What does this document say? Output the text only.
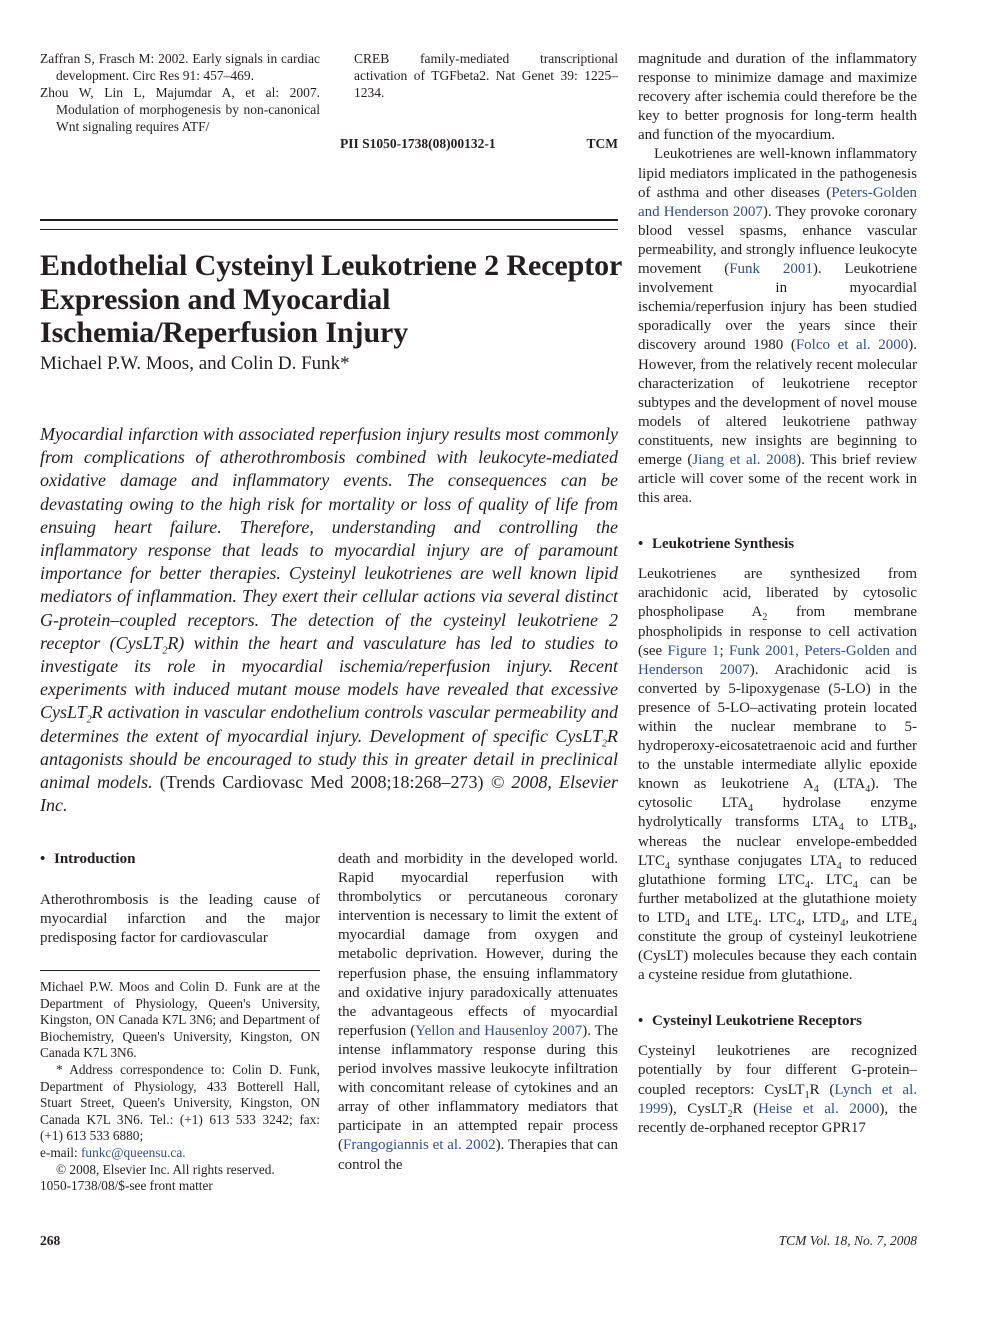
Zaffran S, Frasch M: 2002. Early signals in cardiac development. Circ Res 91: 457–469.
Zhou W, Lin L, Majumdar A, et al: 2007. Modulation of morphogenesis by non-canonical Wnt signaling requires ATF/
CREB family-mediated transcriptional activation of TGFbeta2. Nat Genet 39: 1225–1234.
PII S1050-1738(08)00132-1	TCM
Endothelial Cysteinyl Leukotriene 2 Receptor Expression and Myocardial Ischemia/Reperfusion Injury
Michael P.W. Moos, and Colin D. Funk*
Myocardial infarction with associated reperfusion injury results most commonly from complications of atherothrombosis combined with leukocyte-mediated oxidative damage and inflammatory events. The consequences can be devastating owing to the high risk for mortality or loss of quality of life from ensuing heart failure. Therefore, understanding and controlling the inflammatory response that leads to myocardial injury are of paramount importance for better therapies. Cysteinyl leukotrienes are well known lipid mediators of inflammation. They exert their cellular actions via several distinct G-protein–coupled receptors. The detection of the cysteinyl leukotriene 2 receptor (CysLT$_2$R) within the heart and vasculature has led to studies to investigate its role in myocardial ischemia/reperfusion injury. Recent experiments with induced mutant mouse models have revealed that excessive CysLT$_2$R activation in vascular endothelium controls vascular permeability and determines the extent of myocardial injury. Development of specific CysLT$_2$R antagonists should be encouraged to study this in greater detail in preclinical animal models. (Trends Cardiovasc Med 2008;18:268–273) © 2008, Elsevier Inc.
• Introduction
Atherothrombosis is the leading cause of myocardial infarction and the major predisposing factor for cardiovascular
Michael P.W. Moos and Colin D. Funk are at the Department of Physiology, Queen's University, Kingston, ON Canada K7L 3N6; and Department of Biochemistry, Queen's University, Kingston, ON Canada K7L 3N6.
* Address correspondence to: Colin D. Funk, Department of Physiology, 433 Botterell Hall, Stuart Street, Queen's University, Kingston, ON Canada K7L 3N6. Tel.: (+1) 613 533 3242; fax: (+1) 613 533 6880;
e-mail: funkc@queensu.ca.
© 2008, Elsevier Inc. All rights reserved.
1050-1738/08/$-see front matter
death and morbidity in the developed world. Rapid myocardial reperfusion with thrombolytics or percutaneous coronary intervention is necessary to limit the extent of myocardial damage from oxygen and metabolic deprivation. However, during the reperfusion phase, the ensuing inflammatory and oxidative injury paradoxically attenuates the advantageous effects of myocardial reperfusion (Yellon and Hausenloy 2007). The intense inflammatory response during this period involves massive leukocyte infiltration with concomitant release of cytokines and an array of other inflammatory mediators that participate in an attempted repair process (Frangogiannis et al. 2002). Therapies that can control the
magnitude and duration of the inflammatory response to minimize damage and maximize recovery after ischemia could therefore be the key to better prognosis for long-term health and function of the myocardium.
Leukotrienes are well-known inflammatory lipid mediators implicated in the pathogenesis of asthma and other diseases (Peters-Golden and Henderson 2007). They provoke coronary blood vessel spasms, enhance vascular permeability, and strongly influence leukocyte movement (Funk 2001). Leukotriene involvement in myocardial ischemia/reperfusion injury has been studied sporadically over the years since their discovery around 1980 (Folco et al. 2000). However, from the relatively recent molecular characterization of leukotriene receptor subtypes and the development of novel mouse models of altered leukotriene pathway constituents, new insights are beginning to emerge (Jiang et al. 2008). This brief review article will cover some of the recent work in this area.
• Leukotriene Synthesis
Leukotrienes are synthesized from arachidonic acid, liberated by cytosolic phospholipase $A_2$ from membrane phospholipids in response to cell activation (see Figure 1; Funk 2001, Peters-Golden and Henderson 2007). Arachidonic acid is converted by 5-lipoxygenase (5-LO) in the presence of 5-LO–activating protein located within the nuclear membrane to 5-hydroperoxy-eicosatetraenoic acid and further to the unstable intermediate allylic epoxide known as leukotriene $A_4$ $(LTA_4)$. The cytosolic $LTA_4$ hydrolase enzyme hydrolytically transforms $LTA_4$ to $LTB_4$, whereas the nuclear envelope-embedded $LTC_4$ synthase conjugates $LTA_4$ to reduced glutathione forming $LTC_4$. $LTC_4$ can be further metabolized at the glutathione moiety to $LTD_4$ and $LTE_4$. $LTC_4$, $LTD_4$, and $LTE_4$ constitute the group of cysteinyl leukotriene (CysLT) molecules because they each contain a cysteine residue from glutathione.
• Cysteinyl Leukotriene Receptors
Cysteinyl leukotrienes are recognized potentially by four different G-protein–coupled receptors: CysLT$_1$R (Lynch et al. 1999), CysLT$_2$R (Heise et al. 2000), the recently de-orphaned receptor GPR17
268	TCM Vol. 18, No. 7, 2008
